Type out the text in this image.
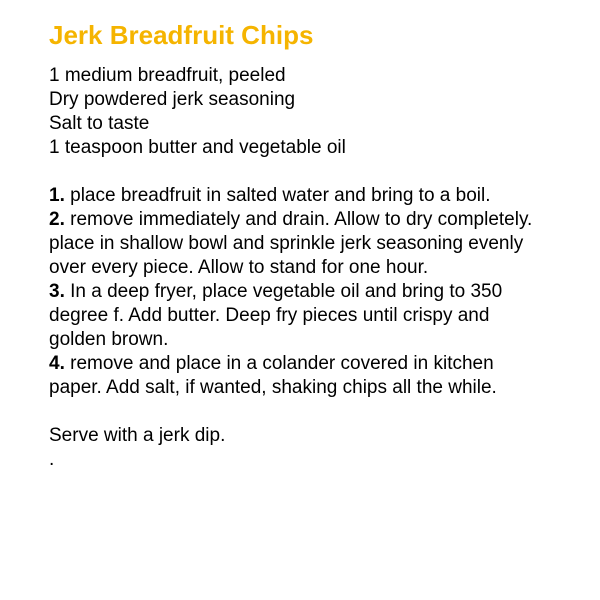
Jerk Breadfruit Chips
1 medium breadfruit, peeled
Dry powdered jerk seasoning
Salt to taste
1 teaspoon butter and vegetable oil
1. place breadfruit in salted water and bring to a boil.
2. remove immediately and drain. Allow to dry completely.
place in shallow bowl and sprinkle jerk seasoning evenly
over every piece. Allow to stand for one hour.
3. In a deep fryer, place vegetable oil and bring to 350
degree f. Add butter. Deep fry pieces until crispy and
golden brown.
4. remove and place in a colander covered in kitchen
paper. Add salt, if wanted, shaking chips all the while.
Serve with a jerk dip.
.
